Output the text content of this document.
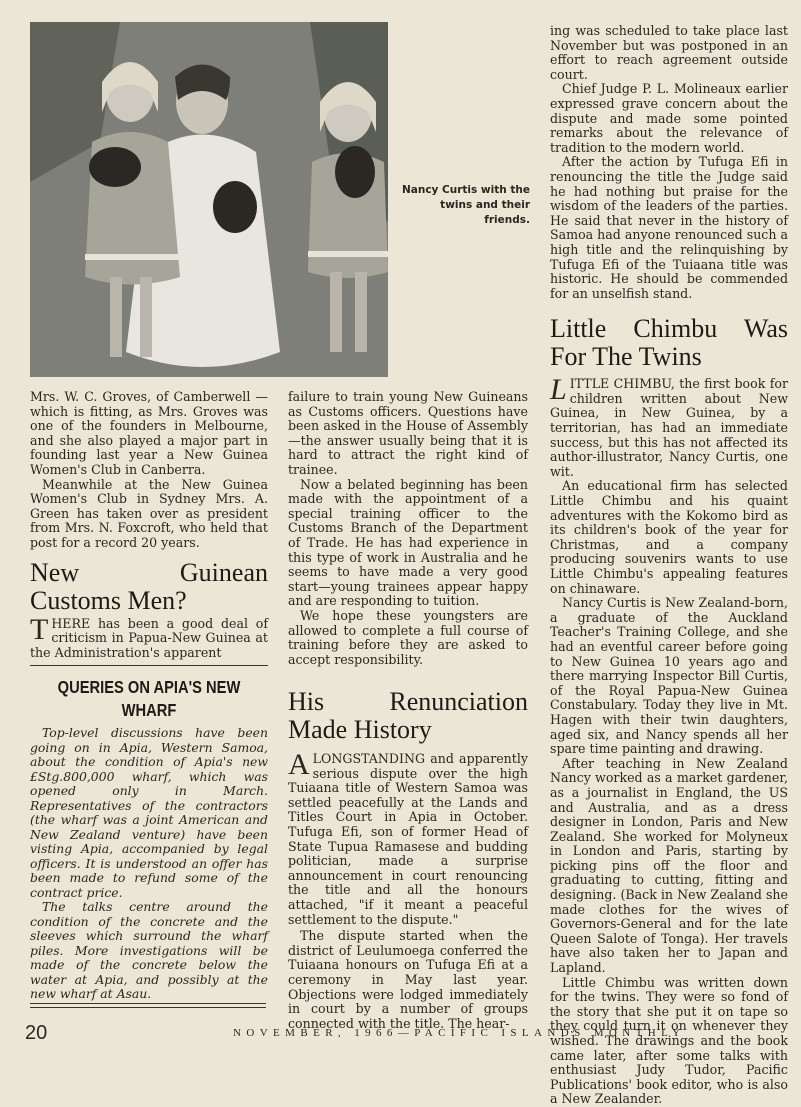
Nancy Curtis with the twins and their friends.

Mrs. W. C. Groves, of Camberwell —which is fitting, as Mrs. Groves was one of the founders in Melbourne, and she also played a major part in founding last year a New Guinea Women's Club in Canberra.

Meanwhile at the New Guinea Women's Club in Sydney Mrs. A. Green has taken over as president from Mrs. N. Foxcroft, who held that post for a record 20 years.

New Guinean Customs Men?

THERE has been a good deal of criticism in Papua-New Guinea at the Administration's apparent

QUERIES ON APIA'S NEW WHARF

Top-level discussions have been going on in Apia, Western Samoa, about the condition of Apia's new £Stg.800,000 wharf, which was opened only in March. Representatives of the contractors (the wharf was a joint American and New Zealand venture) have been visting Apia, accompanied by legal officers. It is understood an offer has been made to refund some of the contract price.

The talks centre around the condition of the concrete and the sleeves which surround the wharf piles. More investigations will be made of the concrete below the water at Apia, and possibly at the new wharf at Asau.

failure to train young New Guineans as Customs officers. Questions have been asked in the House of Assembly—the answer usually being that it is hard to attract the right kind of trainee.

Now a belated beginning has been made with the appointment of a special training officer to the Customs Branch of the Department of Trade. He has had experience in this type of work in Australia and he seems to have made a very good start—young trainees appear happy and are responding to tuition.

We hope these youngsters are allowed to complete a full course of training before they are asked to accept responsibility.

His Renunciation Made History

ALONGSTANDING and apparently serious dispute over the high Tuiaana title of Western Samoa was settled peacefully at the Lands and Titles Court in Apia in October. Tufuga Efi, son of former Head of State Tupua Ramasese and budding politician, made a surprise announcement in court renouncing the title and all the honours attached, "if it meant a peaceful settlement to the dispute."

The dispute started when the district of Leulumoega conferred the Tuiaana honours on Tufuga Efi at a ceremony in May last year. Objections were lodged immediately in court by a number of groups connected with the title. The hear-

ing was scheduled to take place last November but was postponed in an effort to reach agreement outside court.

Chief Judge P. L. Molineaux earlier expressed grave concern about the dispute and made some pointed remarks about the relevance of tradition to the modern world.

After the action by Tufuga Efi in renouncing the title the Judge said he had nothing but praise for the wisdom of the leaders of the parties. He said that never in the history of Samoa had anyone renounced such a high title and the relinquishing by Tufuga Efi of the Tuiaana title was historic. He should be commended for an unselfish stand.

Little Chimbu Was For The Twins

LITTLE CHIMBU, the first book for children written about New Guinea, in New Guinea, by a territorian, has had an immediate success, but this has not affected its author-illustrator, Nancy Curtis, one wit.

An educational firm has selected Little Chimbu and his quaint adventures with the Kokomo bird as its children's book of the year for Christmas, and a company producing souvenirs wants to use Little Chimbu's appealing features on chinaware.

Nancy Curtis is New Zealand-born, a graduate of the Auckland Teacher's Training College, and she had an eventful career before going to New Guinea 10 years ago and there marrying Inspector Bill Curtis, of the Royal Papua-New Guinea Constabulary. Today they live in Mt. Hagen with their twin daughters, aged six, and Nancy spends all her spare time painting and drawing.

After teaching in New Zealand Nancy worked as a market gardener, as a journalist in England, the US and Australia, and as a dress designer in London, Paris and New Zealand. She worked for Molyneux in London and Paris, starting by picking pins off the floor and graduating to cutting, fitting and designing. (Back in New Zealand she made clothes for the wives of Governors-General and for the late Queen Salote of Tonga). Her travels have also taken her to Japan and Lapland.

Little Chimbu was written down for the twins. They were so fond of the story that she put it on tape so they could turn it on whenever they wished. The drawings and the book came later, after some talks with enthusiast Judy Tudor, Pacific Publications' book editor, who is also a New Zealander.

20	NOVEMBER, 1966—PACIFIC ISLANDS MONTHLY
